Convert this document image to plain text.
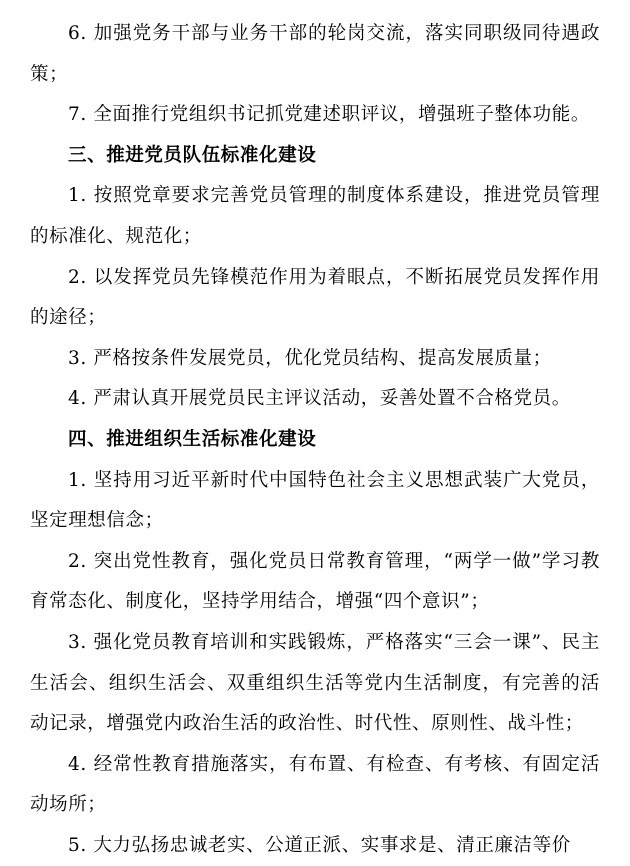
6. 加强党务干部与业务干部的轮岗交流，落实同职级同待遇政策；

7. 全面推行党组织书记抓党建述职评议，增强班子整体功能。

三、推进党员队伍标准化建设

1. 按照党章要求完善党员管理的制度体系建设，推进党员管理的标准化、规范化；

2. 以发挥党员先锋模范作用为着眼点，不断拓展党员发挥作用的途径；

3. 严格按条件发展党员，优化党员结构、提高发展质量；

4. 严肃认真开展党员民主评议活动，妥善处置不合格党员。

四、推进组织生活标准化建设

1. 坚持用习近平新时代中国特色社会主义思想武装广大党员，坚定理想信念；

2. 突出党性教育，强化党员日常教育管理，“两学一做”学习教育常态化、制度化，坚持学用结合，增强“四个意识”；

3. 强化党员教育培训和实践锻炼，严格落实“三会一课”、民主生活会、组织生活会、双重组织生活等党内生活制度，有完善的活动记录，增强党内政治生活的政治性、时代性、原则性、战斗性；

4. 经常性教育措施落实，有布置、有检查、有考核、有固定活动场所；

5. 大力弘扬忠诚老实、公道正派、实事求是、清正廉洁等价
